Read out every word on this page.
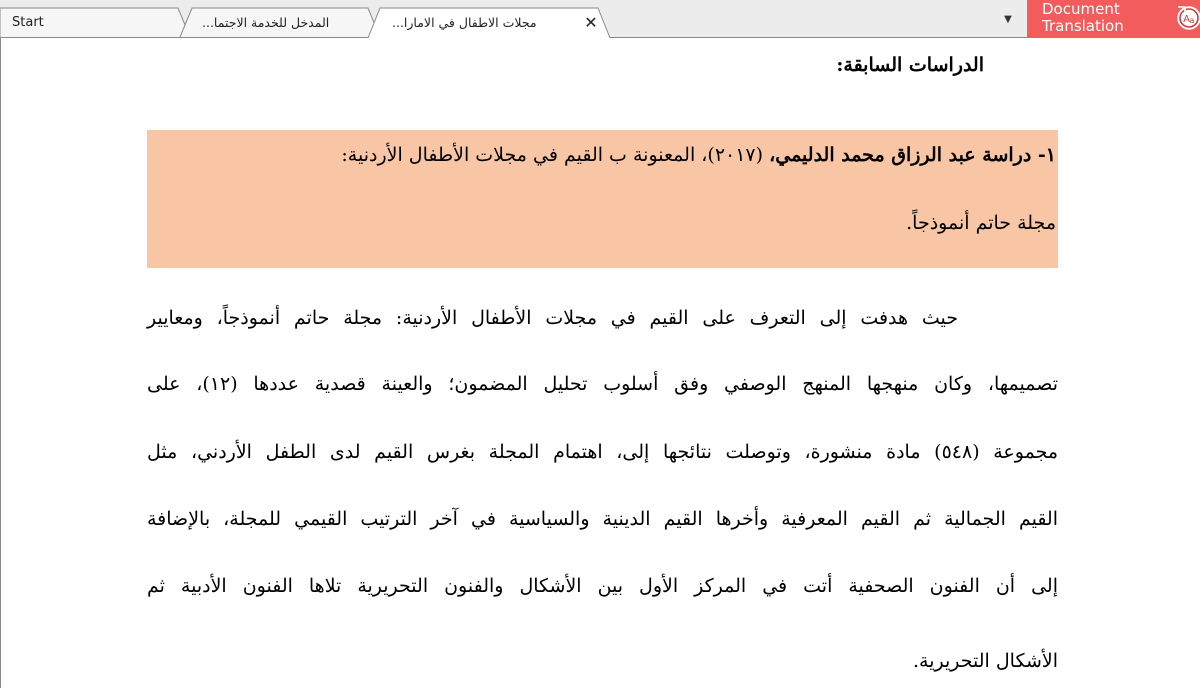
Start	...المدخل للخدمة الاجتما	...مجلات الاطفال في الامارا	✕	▼
Document
Translation	A a
الدراسات السابقة:
١- دراسة عبد الرزاق محمد الدليمي، (٢٠١٧)، المعنونة ب القيم في مجلات الأطفال الأردنية:
مجلة حاتم أنموذجاً.
حيث هدفت إلى التعرف على القيم في مجلات الأطفال الأردنية: مجلة حاتم أنموذجاً، ومعايير
تصميمها، وكان منهجها المنهج الوصفي وفق أسلوب تحليل المضمون؛ والعينة قصدية عددها (١٢)، على
مجموعة (٥٤٨) مادة منشورة، وتوصلت نتائجها إلى، اهتمام المجلة بغرس القيم لدى الطفل الأردني، مثل
القيم الجمالية ثم القيم المعرفية وأخرها القيم الدينية والسياسية في آخر الترتيب القيمي للمجلة، بالإضافة
إلى أن الفنون الصحفية أتت في المركز الأول بين الأشكال والفنون التحريرية تلاها الفنون الأدبية ثم
الأشكال التحريرية.
